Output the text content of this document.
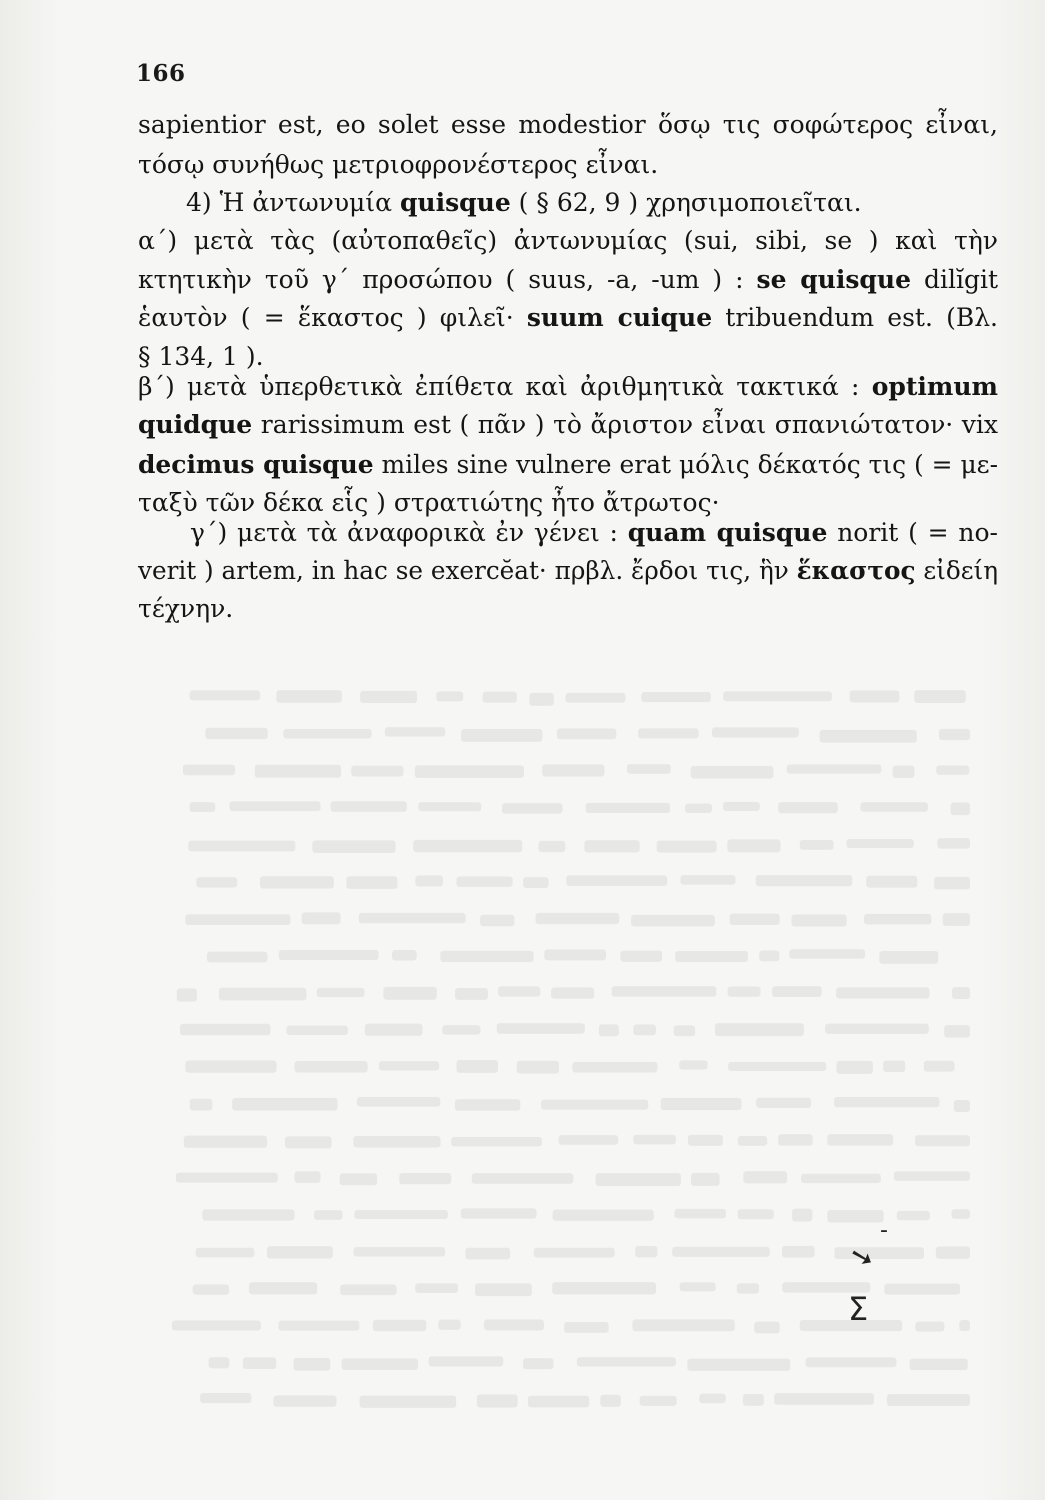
166
sapientior est, eo solet esse modestior ὅσῳ τις σοφώτερος εἶναι,
τόσῳ συνήθως μετριοφρονέστερος εἶναι.
4) Ἡ ἀντωνυμία quisque ( § 62, 9 ) χρησιμοποιεῖται.
α΄) μετὰ τὰς (αὐτοπαθεῖς) ἀντωνυμίας (sui, sibi, se ) καὶ τὴν
κτητικὴν τοῦ γ΄ προσώπου ( suus, -a, -um ) : se quisque dilĭgit
ἑαυτὸν ( = ἕκαστος ) φιλεῖ· suum cuique tribuendum est. (Βλ.
§ 134, 1 ).
β΄) μετὰ ὑπερθετικὰ ἐπίθετα καὶ ἀριθμητικὰ τακτικά : optimum
quidque rarissimum est ( πᾶν ) τὸ ἄριστον εἶναι σπανιώτατον· vix
decimus quisque miles sine vulnere erat μόλις δέκατός τις ( = με-
ταξὺ τῶν δέκα εἷς ) στρατιώτης ἦτο ἄτρωτος·
γ΄) μετὰ τὰ ἀναφορικὰ ἐν γένει : quam quisque norit ( = no-
verit ) artem, in hac se exercĕat· πρβλ. ἔρδοι τις, ἣν ἕκαστος εἰδείη
τέχνην.
-
➘
Σ
